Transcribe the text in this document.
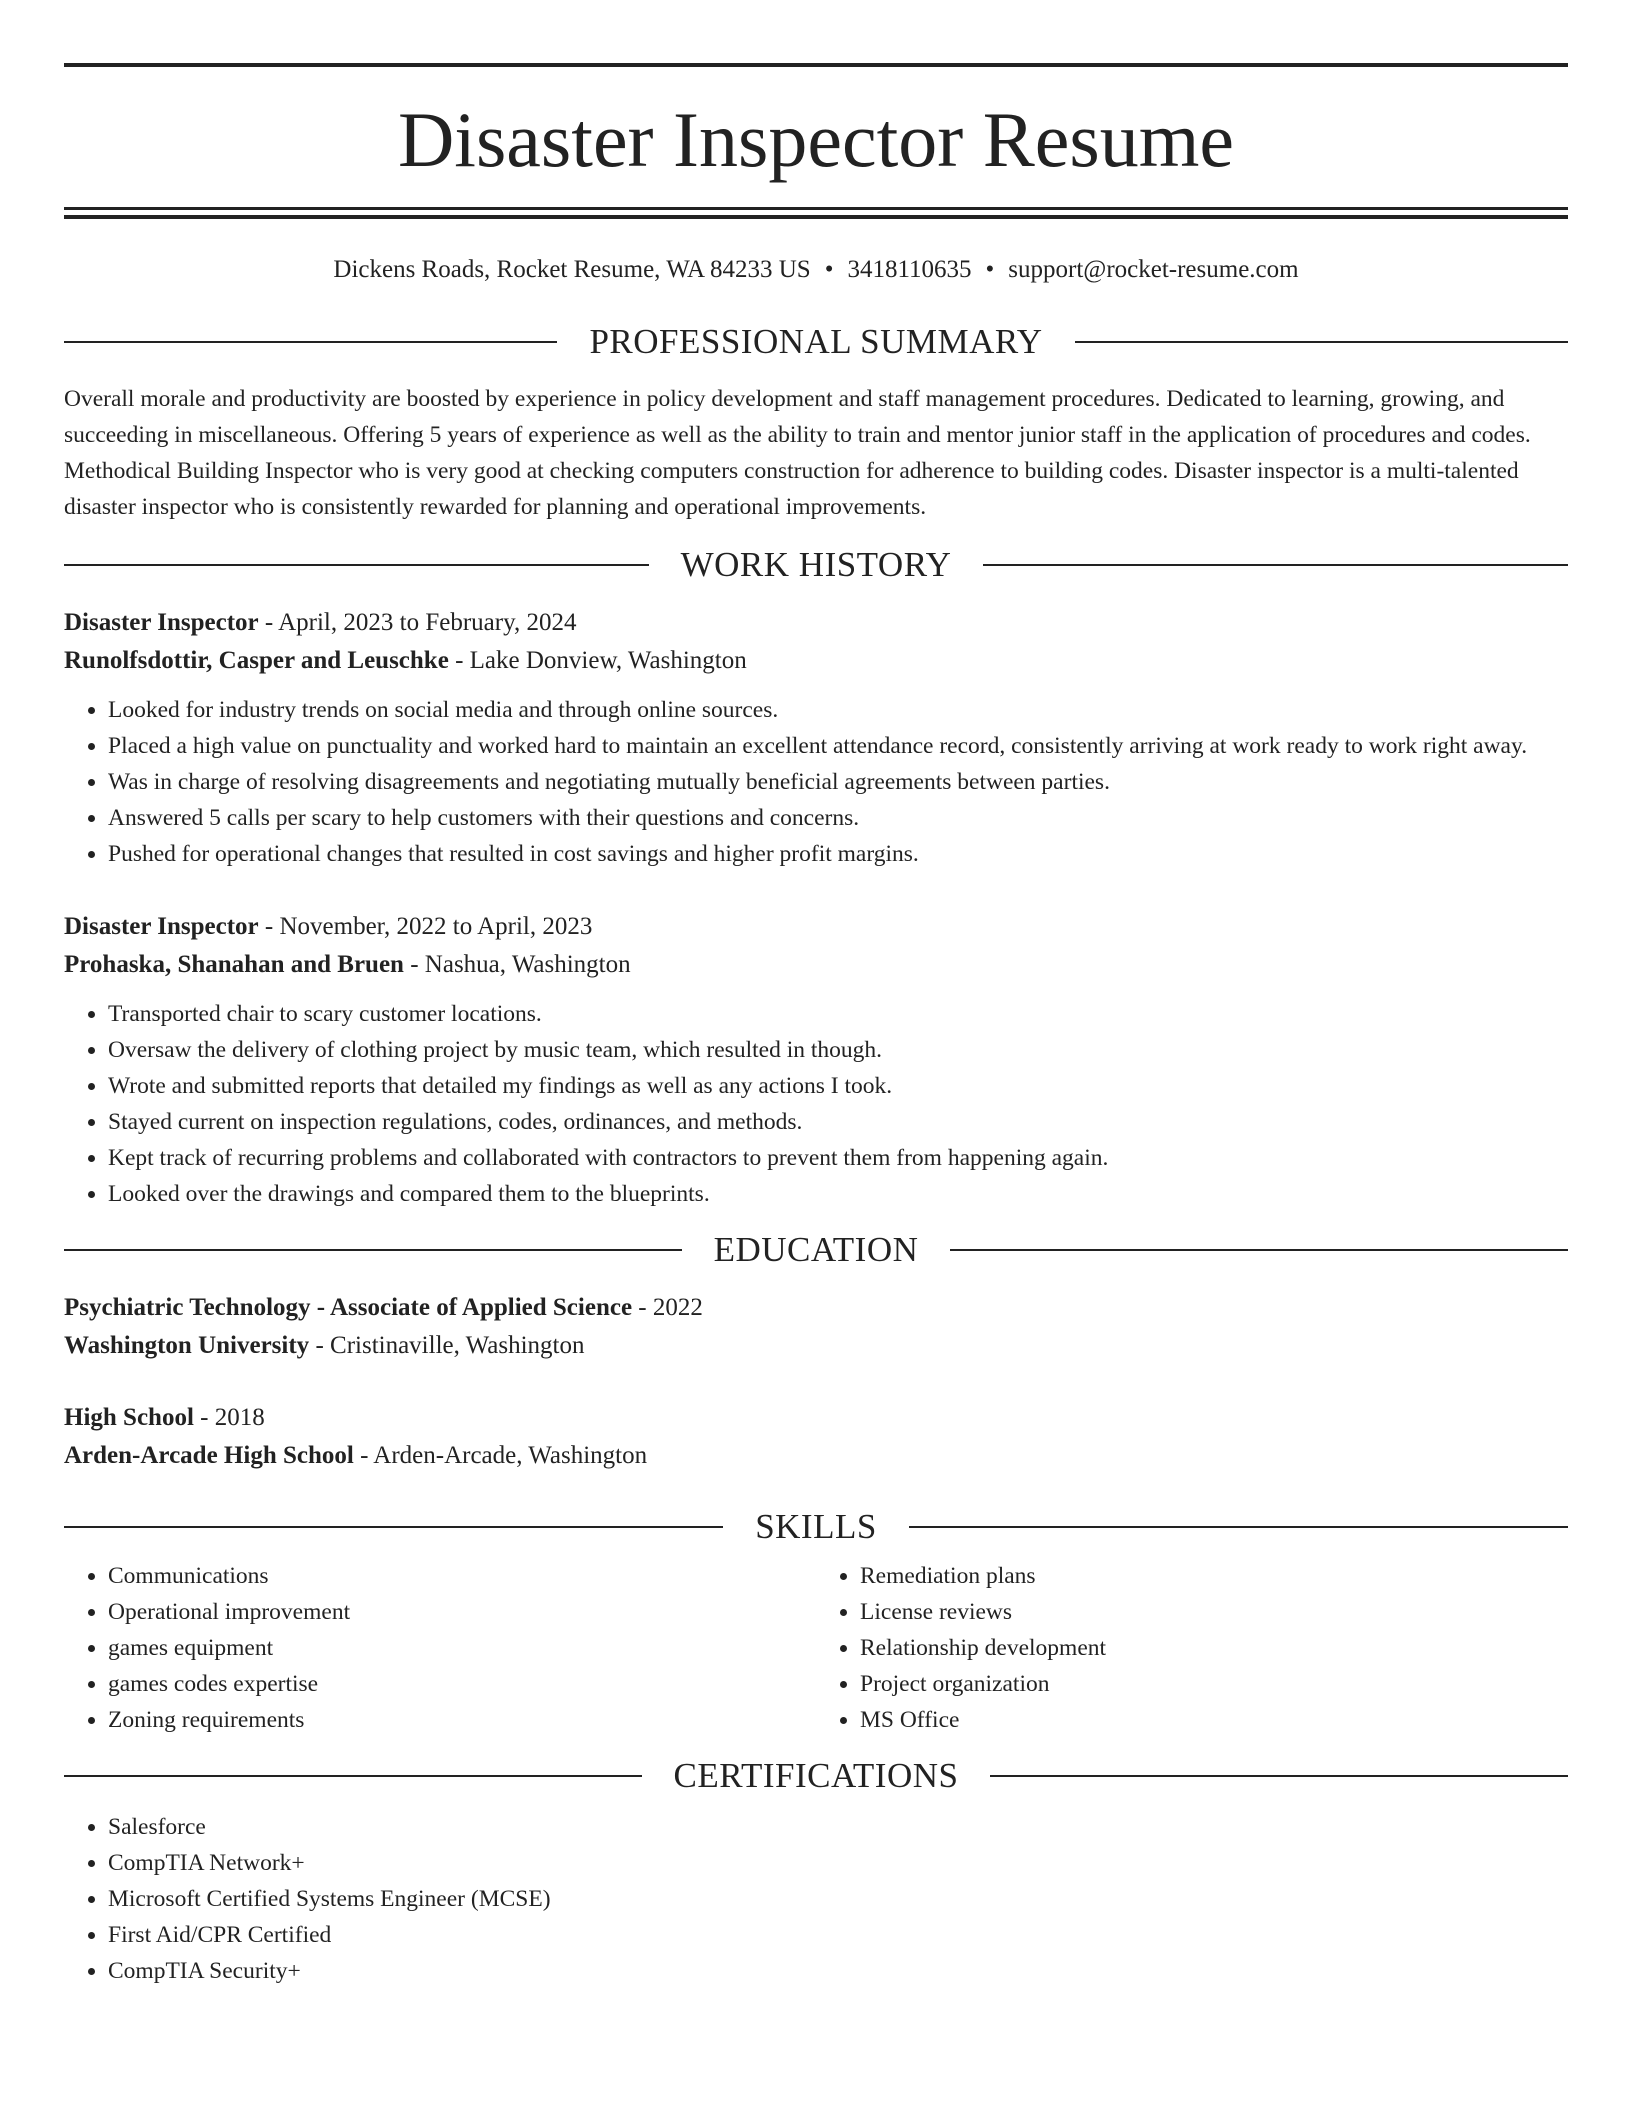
Disaster Inspector Resume
Dickens Roads, Rocket Resume, WA 84233 US • 3418110635 • support@rocket-resume.com
PROFESSIONAL SUMMARY

Overall morale and productivity are boosted by experience in policy development and staff management procedures. Dedicated to learning, growing, and succeeding in miscellaneous. Offering 5 years of experience as well as the ability to train and mentor junior staff in the application of procedures and codes. Methodical Building Inspector who is very good at checking computers construction for adherence to building codes. Disaster inspector is a multi-talented disaster inspector who is consistently rewarded for planning and operational improvements.

WORK HISTORY
Disaster Inspector - April, 2023 to February, 2024
Runolfsdottir, Casper and Leuschke - Lake Donview, Washington
• Looked for industry trends on social media and through online sources.
• Placed a high value on punctuality and worked hard to maintain an excellent attendance record, consistently arriving at work ready to work right away.
• Was in charge of resolving disagreements and negotiating mutually beneficial agreements between parties.
• Answered 5 calls per scary to help customers with their questions and concerns.
• Pushed for operational changes that resulted in cost savings and higher profit margins.
Disaster Inspector - November, 2022 to April, 2023
Prohaska, Shanahan and Bruen - Nashua, Washington
• Transported chair to scary customer locations.
• Oversaw the delivery of clothing project by music team, which resulted in though.
• Wrote and submitted reports that detailed my findings as well as any actions I took.
• Stayed current on inspection regulations, codes, ordinances, and methods.
• Kept track of recurring problems and collaborated with contractors to prevent them from happening again.
• Looked over the drawings and compared them to the blueprints.
EDUCATION
Psychiatric Technology - Associate of Applied Science - 2022
Washington University - Cristinaville, Washington
High School - 2018
Arden-Arcade High School - Arden-Arcade, Washington
SKILLS
• Communications
• Operational improvement
• games equipment
• games codes expertise
• Zoning requirements
• Remediation plans
• License reviews
• Relationship development
• Project organization
• MS Office
CERTIFICATIONS
• Salesforce
• CompTIA Network+
• Microsoft Certified Systems Engineer (MCSE)
• First Aid/CPR Certified
• CompTIA Security+
